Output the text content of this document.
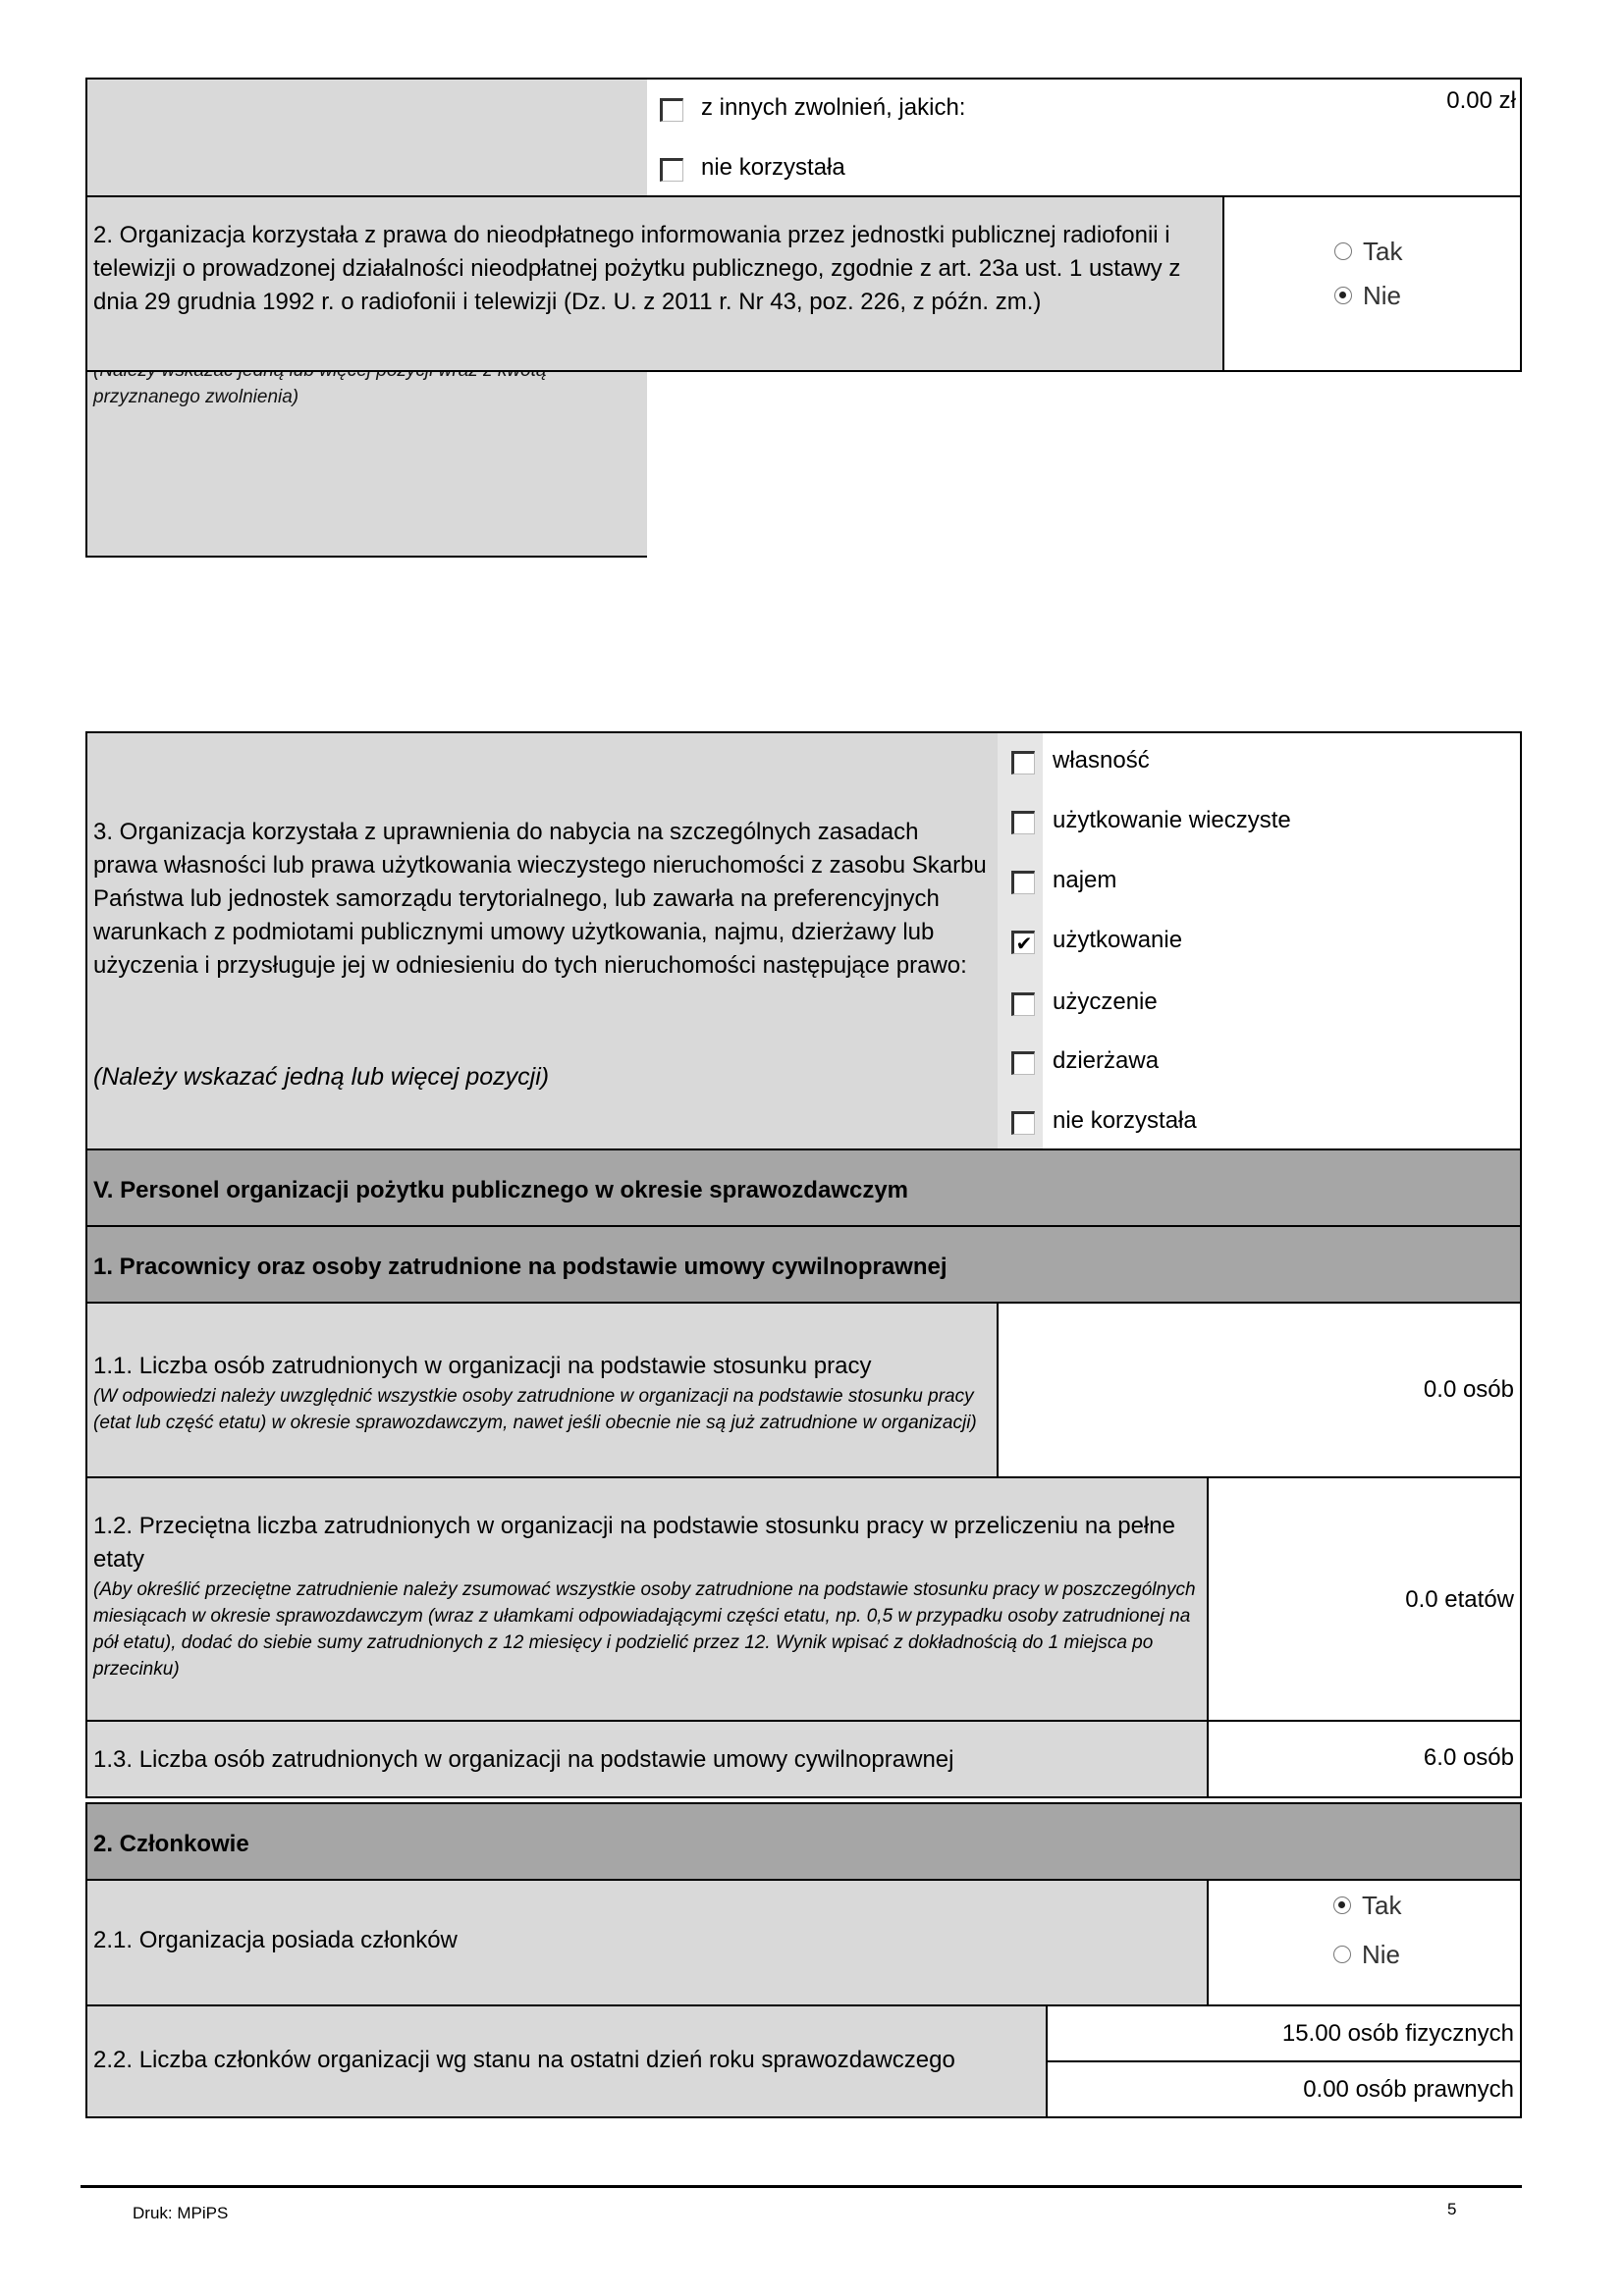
przyznanego zwolnienia)
z innych zwolnień, jakich:
nie korzystała
0.00 zł
2. Organizacja korzystała z prawa do nieodpłatnego informowania przez jednostki publicznej radiofonii i telewizji o prowadzonej działalności nieodpłatnej pożytku publicznego, zgodnie z art. 23a ust. 1 ustawy z dnia 29 grudnia 1992 r. o radiofonii i telewizji (Dz. U. z 2011 r. Nr 43, poz. 226, z późn. zm.)
Tak
Nie
3. Organizacja korzystała z uprawnienia do nabycia na szczególnych zasadach prawa własności lub prawa użytkowania wieczystego nieruchomości z zasobu Skarbu Państwa lub jednostek samorządu terytorialnego, lub zawarła na preferencyjnych warunkach z podmiotami publicznymi umowy użytkowania, najmu, dzierżawy lub użyczenia i przysługuje jej w odniesieniu do tych nieruchomości następujące prawo:
(Należy wskazać jedną lub więcej pozycji)
własność
użytkowanie wieczyste
najem
✔ użytkowanie
użyczenie
dzierżawa
nie korzystała
V. Personel organizacji pożytku publicznego w okresie sprawozdawczym
1. Pracownicy oraz osoby zatrudnione na podstawie umowy cywilnoprawnej
1.1. Liczba osób zatrudnionych w organizacji na podstawie stosunku pracy
(W odpowiedzi należy uwzględnić wszystkie osoby zatrudnione w organizacji na podstawie stosunku pracy (etat lub część etatu) w okresie sprawozdawczym, nawet jeśli obecnie nie są już zatrudnione w organizacji)
0.0 osób
1.2. Przeciętna liczba zatrudnionych w organizacji na podstawie stosunku pracy w przeliczeniu na pełne etaty
(Aby określić przeciętne zatrudnienie należy zsumować wszystkie osoby zatrudnione na podstawie stosunku pracy w poszczególnych miesiącach w okresie sprawozdawczym (wraz z ułamkami odpowiadającymi części etatu, np. 0,5 w przypadku osoby zatrudnionej na pół etatu), dodać do siebie sumy zatrudnionych z 12 miesięcy i podzielić przez 12. Wynik wpisać z dokładnością do 1 miejsca po przecinku)
0.0 etatów
1.3. Liczba osób zatrudnionych w organizacji na podstawie umowy cywilnoprawnej	6.0 osób
2. Członkowie
2.1. Organizacja posiada członków
Tak
Nie
2.2. Liczba członków organizacji wg stanu na ostatni dzień roku sprawozdawczego
15.00 osób fizycznych
0.00 osób prawnych
Druk: MPiPS	5
